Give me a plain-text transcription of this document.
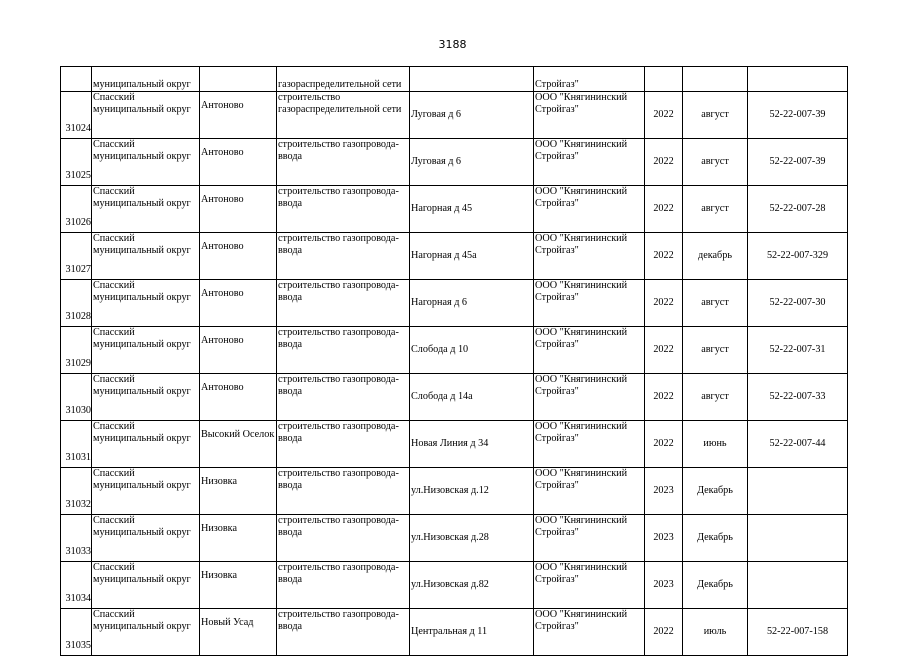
3188
	муниципальный округ		газораспределительной сети		Стройгаз"			
31024	Спасский муниципальный округ	Антоново	строительство газораспределительной сети	Луговая д 6	ООО "Княгининский Стройгаз"	2022	август	52-22-007-39
31025	Спасский муниципальный округ	Антоново	строительство газопровода-ввода	Луговая д 6	ООО "Княгининский Стройгаз"	2022	август	52-22-007-39
31026	Спасский муниципальный округ	Антоново	строительство газопровода-ввода	Нагорная д 45	ООО "Княгининский Стройгаз"	2022	август	52-22-007-28
31027	Спасский муниципальный округ	Антоново	строительство газопровода-ввода	Нагорная д 45а	ООО "Княгининский Стройгаз"	2022	декабрь	52-22-007-329
31028	Спасский муниципальный округ	Антоново	строительство газопровода-ввода	Нагорная д 6	ООО "Княгининский Стройгаз"	2022	август	52-22-007-30
31029	Спасский муниципальный округ	Антоново	строительство газопровода-ввода	Слобода д 10	ООО "Княгининский Стройгаз"	2022	август	52-22-007-31
31030	Спасский муниципальный округ	Антоново	строительство газопровода-ввода	Слобода д 14а	ООО "Княгининский Стройгаз"	2022	август	52-22-007-33
31031	Спасский муниципальный округ	Высокий Оселок	строительство газопровода-ввода	Новая Линия д 34	ООО "Княгининский Стройгаз"	2022	июнь	52-22-007-44
31032	Спасский муниципальный округ	Низовка	строительство газопровода-ввода	ул.Низовская д.12	ООО "Княгининский Стройгаз"	2023	Декабрь	
31033	Спасский муниципальный округ	Низовка	строительство газопровода-ввода	ул.Низовская д.28	ООО "Княгининский Стройгаз"	2023	Декабрь	
31034	Спасский муниципальный округ	Низовка	строительство газопровода-ввода	ул.Низовская д.82	ООО "Княгининский Стройгаз"	2023	Декабрь	
31035	Спасский муниципальный округ	Новый Усад	строительство газопровода-ввода	Центральная д 11	ООО "Княгининский Стройгаз"	2022	июль	52-22-007-158
